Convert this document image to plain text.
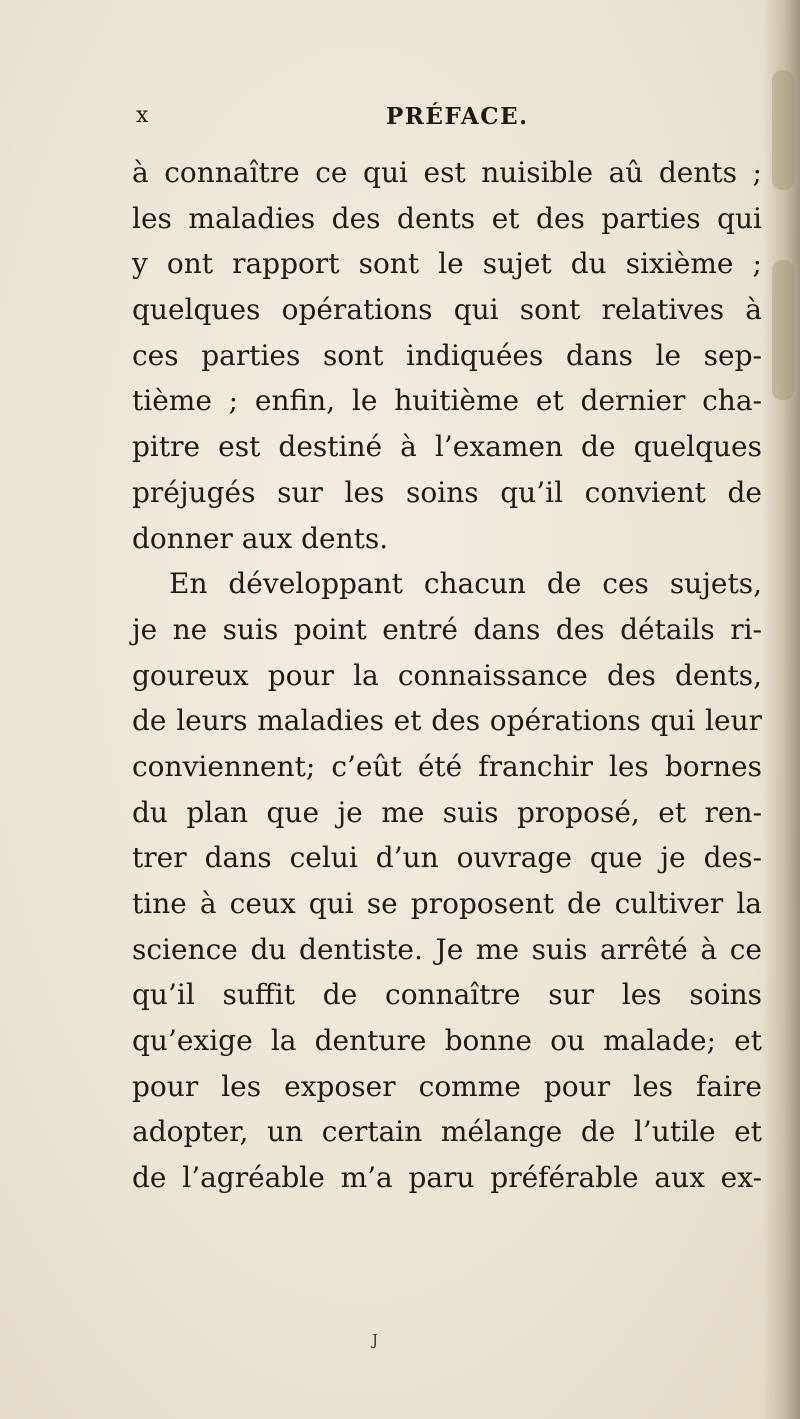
x	PRÉFACE.
à connaître ce qui est nuisible aû dents ;
les maladies des dents et des parties qui
y ont rapport sont le sujet du sixième ;
quelques opérations qui sont relatives à
ces parties sont indiquées dans le sep-
tième ; enfin, le huitième et dernier cha-
pitre est destiné à l’examen de quelques
préjugés sur les soins qu’il convient de
donner aux dents.
En développant chacun de ces sujets,
je ne suis point entré dans des détails ri-
goureux pour la connaissance des dents,
de leurs maladies et des opérations qui leur
conviennent; c’eût été franchir les bornes
du plan que je me suis proposé, et ren-
trer dans celui d’un ouvrage que je des-
tine à ceux qui se proposent de cultiver la
science du dentiste. Je me suis arrêté à ce
qu’il suffit de connaître sur les soins
qu’exige la denture bonne ou malade; et
pour les exposer comme pour les faire
adopter, un certain mélange de l’utile et
de l’agréable m’a paru préférable aux ex-
J
